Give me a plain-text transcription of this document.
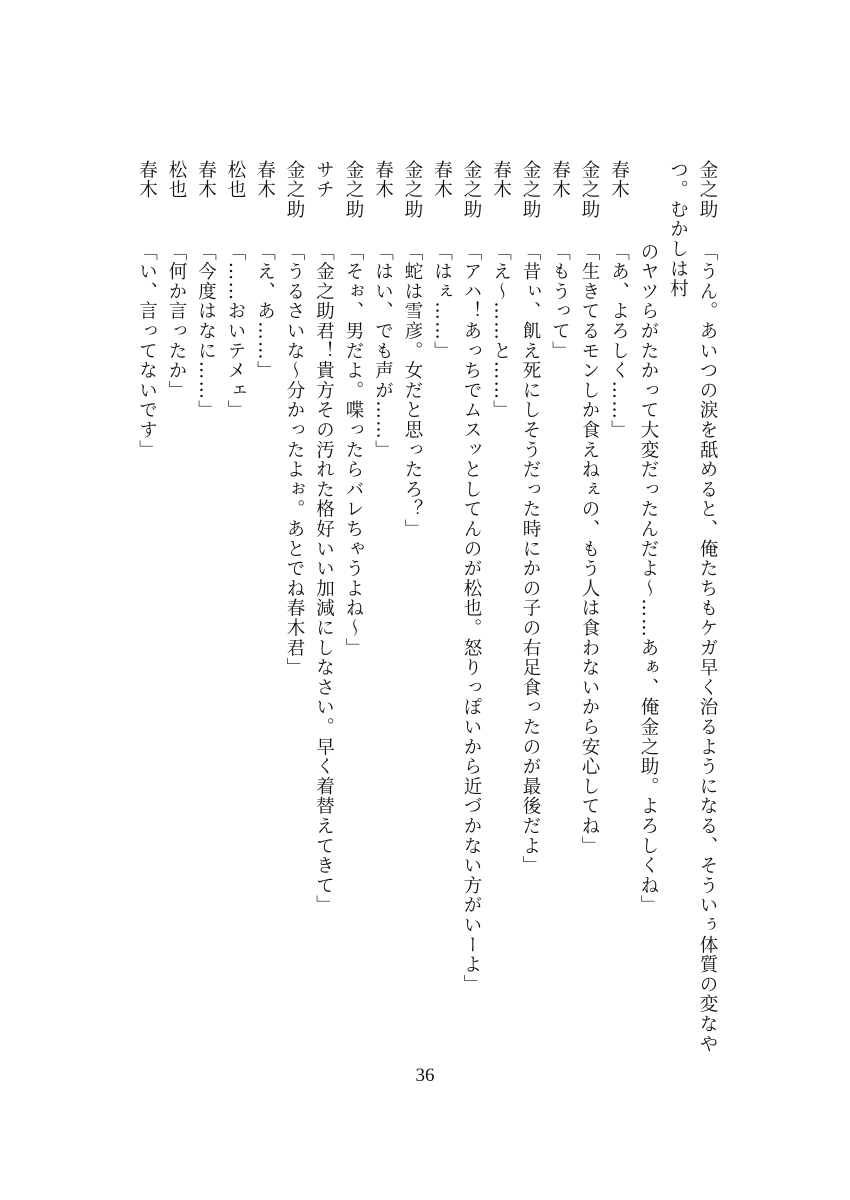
金之助「うん。あいつの涙を舐めると、俺たちもケガ早く治るようになる、そういぅ体質の変なやつ。むかしは村
のヤツらがたかって大変だったんだよ〜……あぁ、俺金之助。よろしくね」
春木「あ、よろしく……」
金之助「生きてるモンしか食えねぇの、もう人は食わないから安心してね」
春木「もうって」
金之助「昔ぃ、飢え死にしそうだった時にかの子の右足食ったのが最後だよ」
春木「え〜……と……」
金之助「アハ！あっちでムスッとしてんのが松也。怒りっぽいから近づかない方がいーよ」
春木「はぇ……」
金之助「蛇は雪彦。女だと思ったろ？」
春木「はい、でも声が……」
金之助「そぉ、男だよ。喋ったらバレちゃうよね〜」
サチ「金之助君！貴方その汚れた格好いい加減にしなさい。早く着替えてきて」
金之助「うるさいな〜分かったよぉ。あとでね春木君」
春木「え、あ……」
松也「……おいテメェ」
春木「今度はなに……」
松也「何か言ったか」
春木「い、言ってないです」
36
